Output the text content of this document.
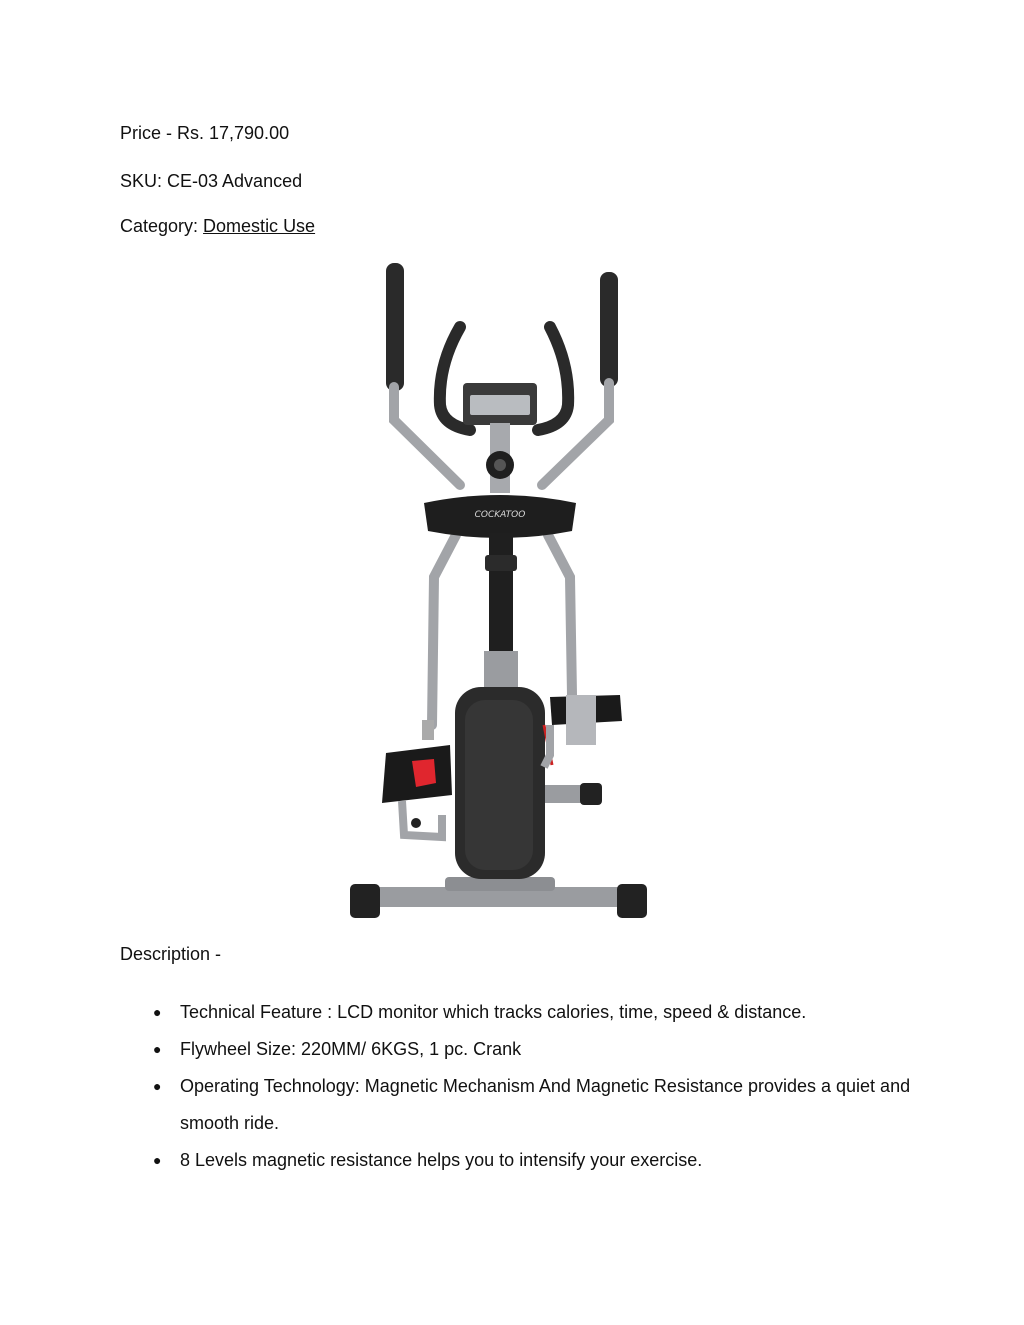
Price - Rs. 17,790.00
SKU: CE-03 Advanced
Category: Domestic Use
COCKATOO
Description -
● Technical Feature : LCD monitor which tracks calories, time, speed & distance.
● Flywheel Size: 220MM/ 6KGS, 1 pc. Crank
● Operating Technology: Magnetic Mechanism And Magnetic Resistance provides a quiet and smooth ride.
● 8 Levels magnetic resistance helps you to intensify your exercise.
